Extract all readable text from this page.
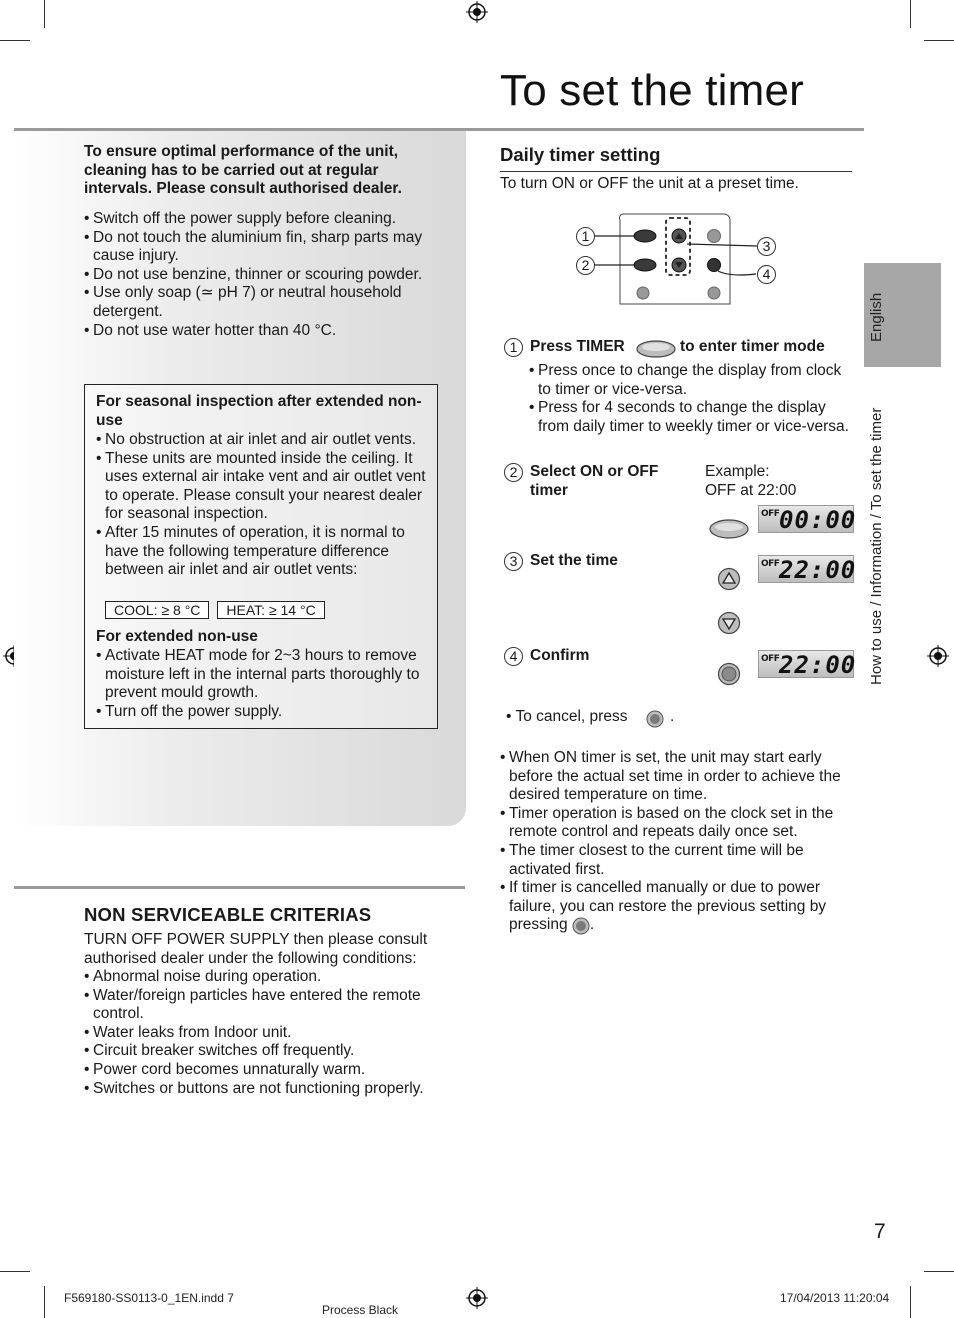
To set the timer
To ensure optimal performance of the unit, cleaning has to be carried out at regular intervals. Please consult authorised dealer.
• Switch off the power supply before cleaning.
• Do not touch the aluminium fin, sharp parts may cause injury.
• Do not use benzine, thinner or scouring powder.
• Use only soap (≃ pH 7) or neutral household detergent.
• Do not use water hotter than 40 °C.
For seasonal inspection after extended non-use
• No obstruction at air inlet and air outlet vents.
• These units are mounted inside the ceiling. It uses external air intake vent and air outlet vent to operate. Please consult your nearest dealer for seasonal inspection.
• After 15 minutes of operation, it is normal to have the following temperature difference between air inlet and air outlet vents:
COOL: ≥ 8 °C HEAT: ≥ 14 °C
For extended non-use
• Activate HEAT mode for 2~3 hours to remove moisture left in the internal parts thoroughly to prevent mould growth.
• Turn off the power supply.
NON SERVICEABLE CRITERIAS
TURN OFF POWER SUPPLY then please consult authorised dealer under the following conditions:
• Abnormal noise during operation.
• Water/foreign particles have entered the remote control.
• Water leaks from Indoor unit.
• Circuit breaker switches off frequently.
• Power cord becomes unnaturally warm.
• Switches or buttons are not functioning properly.
Daily timer setting
To turn ON or OFF the unit at a preset time.
1
2
3
4
1 Press TIMER	to enter timer mode
• Press once to change the display from clock to timer or vice-versa.
• Press for 4 seconds to change the display from daily timer to weekly timer or vice-versa.
2 Select ON or OFF timer
Example:
OFF at 22:00
OFF 00:00
3 Set the time	OFF 22:00
4 Confirm	OFF 22:00
• To cancel, press	.
• When ON timer is set, the unit may start early before the actual set time in order to achieve the desired temperature on time.
• Timer operation is based on the clock set in the remote control and repeats daily once set.
• The timer closest to the current time will be activated first.
• If timer is cancelled manually or due to power failure, you can restore the previous setting by pressing .
English
How to use / Information / To set the timer
7
F569180-SS0113-0_1EN.indd 7
Process Black
17/04/2013 11:20:04
